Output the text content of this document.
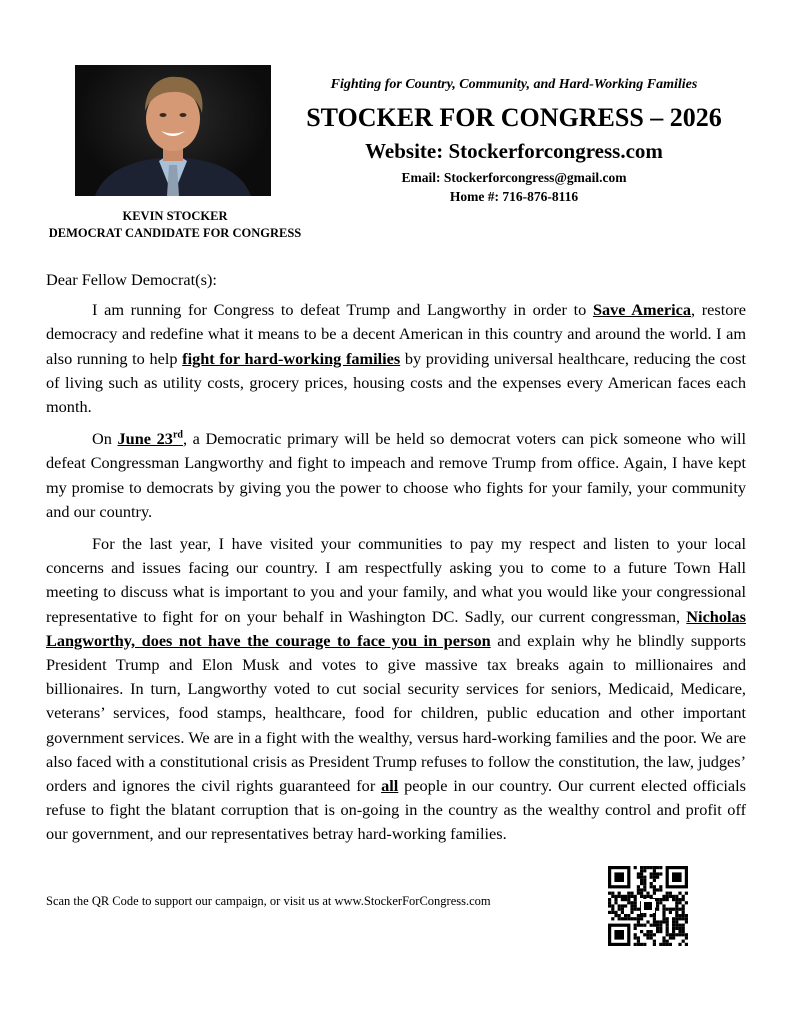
KEVIN STOCKER
DEMOCRAT CANDIDATE FOR CONGRESS
Fighting for Country, Community, and Hard-Working Families
STOCKER FOR CONGRESS – 2026
Website: Stockerforcongress.com
Email: Stockerforcongress@gmail.com
Home #: 716-876-8116

Dear Fellow Democrat(s):

I am running for Congress to defeat Trump and Langworthy in order to Save America, restore democracy and redefine what it means to be a decent American in this country and around the world. I am also running to help fight for hard-working families by providing universal healthcare, reducing the cost of living such as utility costs, grocery prices, housing costs and the expenses every American faces each month.

On June 23rd, a Democratic primary will be held so democrat voters can pick someone who will defeat Congressman Langworthy and fight to impeach and remove Trump from office. Again, I have kept my promise to democrats by giving you the power to choose who fights for your family, your community and our country.

For the last year, I have visited your communities to pay my respect and listen to your local concerns and issues facing our country. I am respectfully asking you to come to a future Town Hall meeting to discuss what is important to you and your family, and what you would like your congressional representative to fight for on your behalf in Washington DC. Sadly, our current congressman, Nicholas Langworthy, does not have the courage to face you in person and explain why he blindly supports President Trump and Elon Musk and votes to give massive tax breaks again to millionaires and billionaires. In turn, Langworthy voted to cut social security services for seniors, Medicaid, Medicare, veterans’ services, food stamps, healthcare, food for children, public education and other important government services. We are in a fight with the wealthy, versus hard-working families and the poor. We are also faced with a constitutional crisis as President Trump refuses to follow the constitution, the law, judges’ orders and ignores the civil rights guaranteed for all people in our country. Our current elected officials refuse to fight the blatant corruption that is on-going in the country as the wealthy control and profit off our government, and our representatives betray hard-working families.

Scan the QR Code to support our campaign, or visit us at www.StockerForCongress.com
